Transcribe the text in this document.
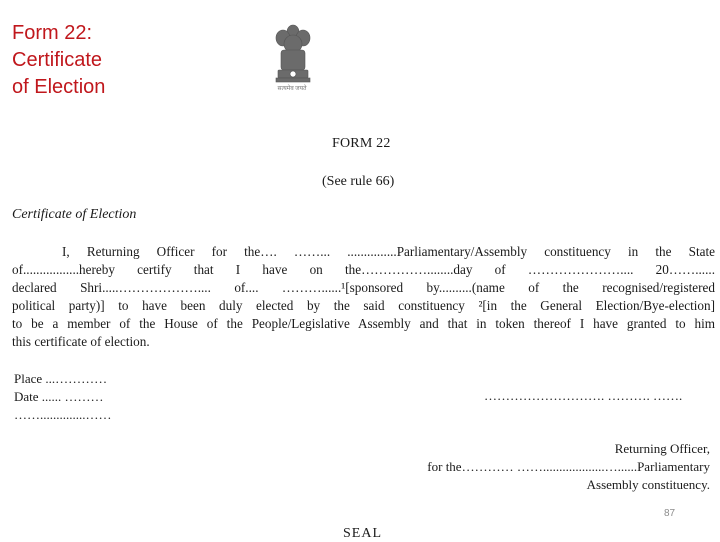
Form 22:
Certificate
of Election	सत्यमेव जयते
FORM 22
(See rule 66)
Certificate of Election
I, Returning Officer for the…. ……... ...............Parliamentary/Assembly constituency in the State
of.................hereby certify that I have on the……………........day of ………………….... 20……......
declared Shri.....……………….... of.... ………......¹[sponsored by..........(name of the recognised/registered
political party)] to have been duly elected by the said constituency ²[in the General Election/Bye-election]
to be a member of the House of the People/Legislative Assembly and that in token thereof I have granted to him
this certificate of election.
Place ...…………
Date ...... ………
……..............……
………………………. ………. …….
Returning Officer,
for the………… ……...................…......Parliamentary
Assembly constituency.
87
SEAL
